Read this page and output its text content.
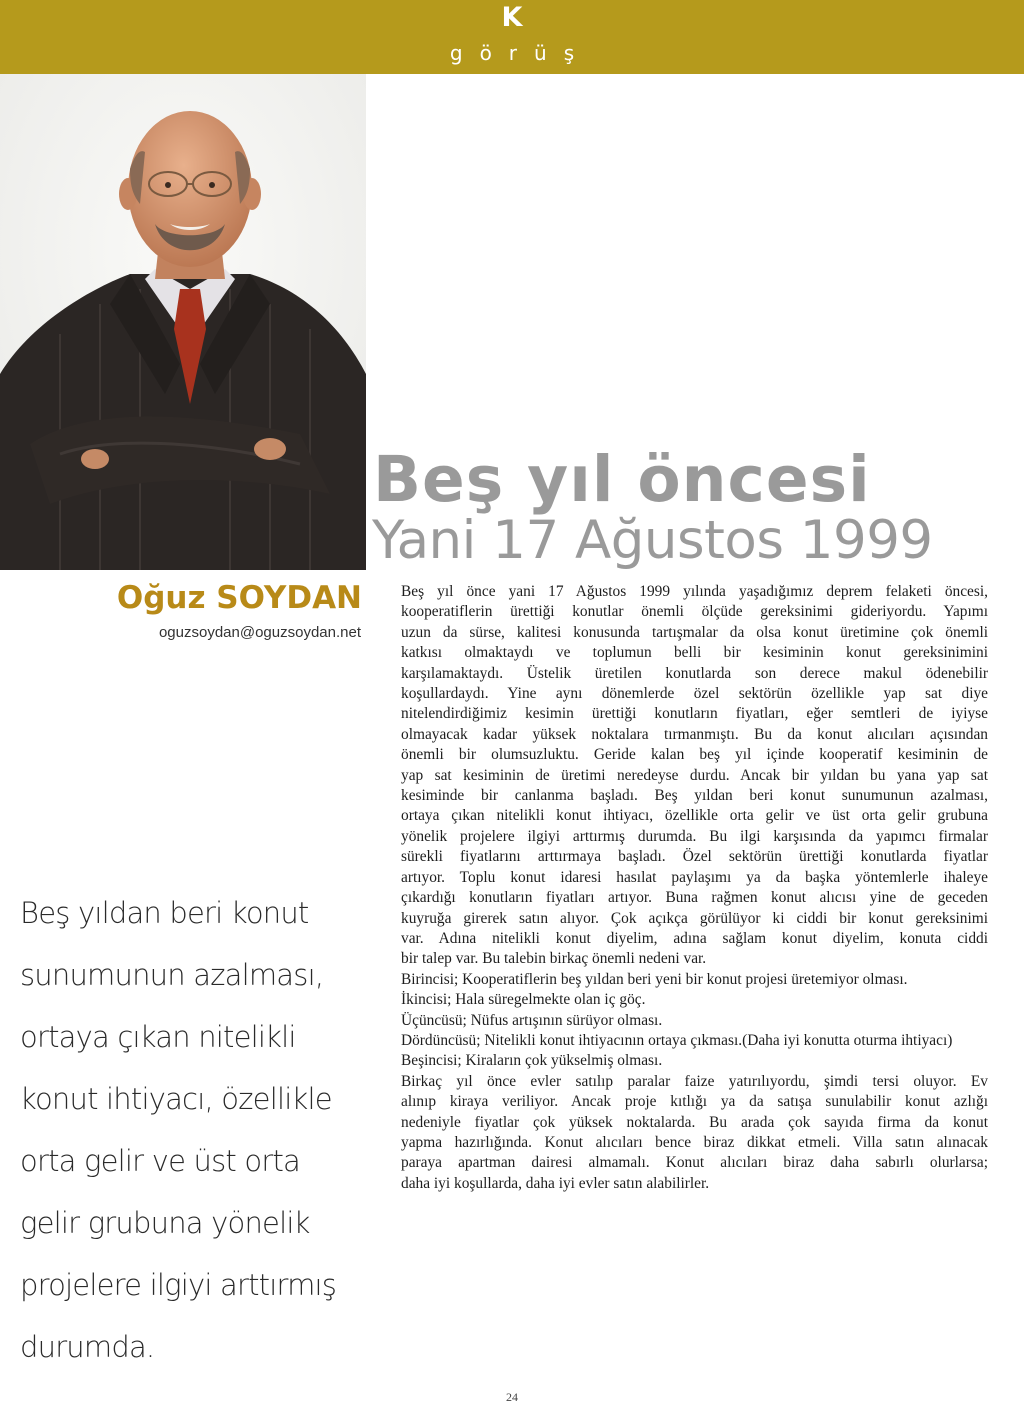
K
görüş
Oğuz SOYDAN
oguzsoydan@oguzsoydan.net
Beş yıldan beri konut
sunumunun azalması,
ortaya çıkan nitelikli
konut ihtiyacı, özellikle
orta gelir ve üst orta
gelir grubuna yönelik
projelere ilgiyi arttırmış
durumda.
Beş yıl öncesi
Yani 17 Ağustos 1999

Beş yıl önce yani 17 Ağustos 1999 yılında yaşadığımız deprem felaketi öncesi,
kooperatiflerin ürettiği konutlar önemli ölçüde gereksinimi gideriyordu. Yapımı
uzun da sürse, kalitesi konusunda tartışmalar da olsa konut üretimine çok önemli
katkısı olmaktaydı ve toplumun belli bir kesiminin konut gereksinimini
karşılamaktaydı. Üstelik üretilen konutlarda son derece makul ödenebilir
koşullardaydı. Yine aynı dönemlerde özel sektörün özellikle yap sat diye
nitelendirdiğimiz kesimin ürettiği konutların fiyatları, eğer semtleri de iyiyse
olmayacak kadar yüksek noktalara tırmanmıştı. Bu da konut alıcıları açısından
önemli bir olumsuzluktu. Geride kalan beş yıl içinde kooperatif kesiminin de
yap sat kesiminin de üretimi neredeyse durdu. Ancak bir yıldan bu yana yap sat
kesiminde bir canlanma başladı. Beş yıldan beri konut sunumunun azalması,
ortaya çıkan nitelikli konut ihtiyacı, özellikle orta gelir ve üst orta gelir grubuna
yönelik projelere ilgiyi arttırmış durumda. Bu ilgi karşısında da yapımcı firmalar
sürekli fiyatlarını arttırmaya başladı. Özel sektörün ürettiği konutlarda fiyatlar
artıyor. Toplu konut idaresi hasılat paylaşımı ya da başka yöntemlerle ihaleye
çıkardığı konutların fiyatları artıyor. Buna rağmen konut alıcısı yine de geceden
kuyruğa girerek satın alıyor. Çok açıkça görülüyor ki ciddi bir konut gereksinimi
var. Adına nitelikli konut diyelim, adına sağlam konut diyelim, konuta ciddi
bir talep var. Bu talebin birkaç önemli nedeni var.

Birincisi; Kooperatiflerin beş yıldan beri yeni bir konut projesi üretemiyor olması.

İkincisi; Hala süregelmekte olan iç göç.

Üçüncüsü; Nüfus artışının sürüyor olması.

Dördüncüsü; Nitelikli konut ihtiyacının ortaya çıkması.(Daha iyi konutta oturma ihtiyacı)

Beşincisi; Kiraların çok yükselmiş olması.

Birkaç yıl önce evler satılıp paralar faize yatırılıyordu, şimdi tersi oluyor. Ev
alınıp kiraya veriliyor. Ancak proje kıtlığı ya da satışa sunulabilir konut azlığı
nedeniyle fiyatlar çok yüksek noktalarda. Bu arada çok sayıda firma da konut
yapma hazırlığında. Konut alıcıları bence biraz dikkat etmeli. Villa satın alınacak
paraya apartman dairesi almamalı. Konut alıcıları biraz daha sabırlı olurlarsa;
daha iyi koşullarda, daha iyi evler satın alabilirler.

24
